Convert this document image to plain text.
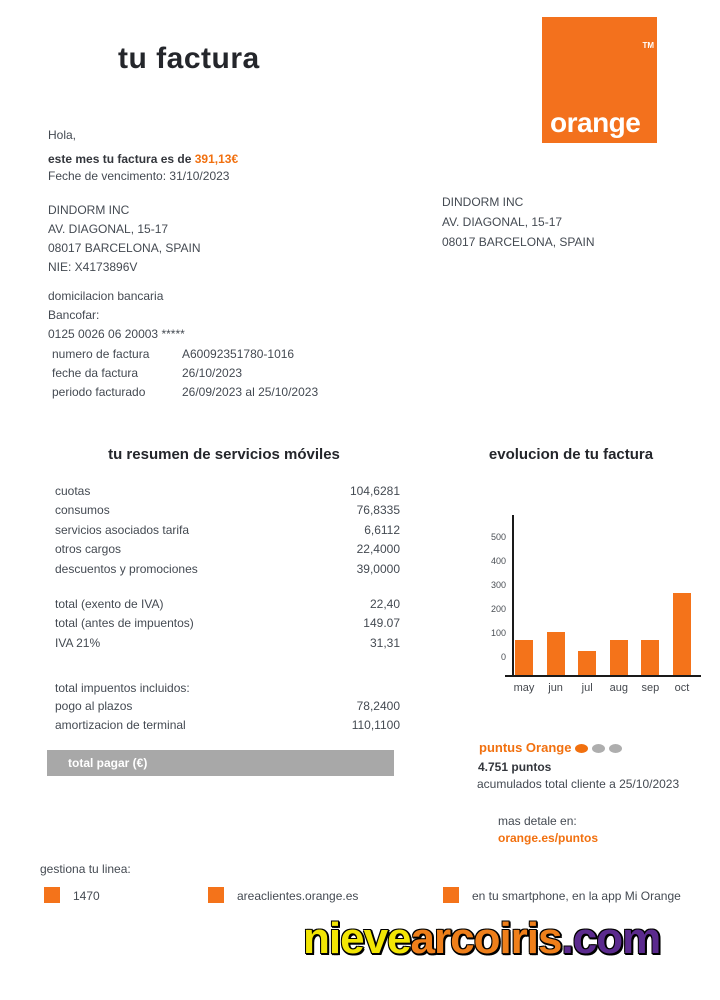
tu factura
orange
TM
Hola,
este mes tu factura es de 391,13€
Feche de vencimento: 31/10/2023
DINDORM INC
AV. DIAGONAL, 15-17
08017 BARCELONA, SPAIN
NIE: X4173896V
domicilacion bancaria
Bancofar:
0125 0026 06 20003 *****
DINDORM INC
AV. DIAGONAL, 15-17
08017 BARCELONA, SPAIN
numero de factura	A60092351780-1016
feche da factura	26/10/2023
periodo facturado	26/09/2023 al 25/10/2023
tu resumen de servicios móviles
cuotas	104,6281
consumos	76,8335
servicios asociados tarifa	6,6112
otros cargos	22,4000
descuentos y promociones	39,0000
total (exento de IVA)	22,40
total (antes de impuentos)	149.07
IVA 21%	31,31
total impuentos incluidos:
pogo al plazos	78,2400
amortizacion de terminal	110,1100
total pagar (€)
evolucion de tu factura
500
400
300
200
100
0
may	jun	jul	aug	sep	oct
puntus Orange
4.751 puntos
acumulados total cliente a 25/10/2023
mas detale en:
orange.es/puntos
gestiona tu linea:
1470	areaclientes.orange.es	en tu smartphone, en la app Mi Orange
nievearcoiris.com
